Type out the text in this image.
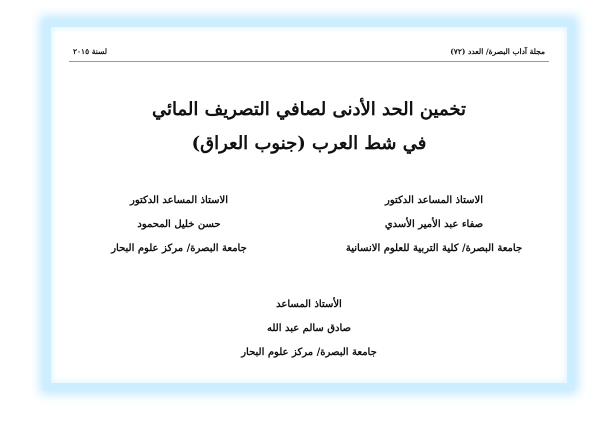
مجلة آداب البصرة/ العدد (٧٢)
لسنة ٢٠١٥
تخمين الحد الأدنى لصافي التصريف المائي
في شط العرب (جنوب العراق)
الاستاذ المساعد الدكتور
صفاء عبد الأمير الأسدي
جامعة البصرة/ كلية التربية للعلوم الانسانية
الاستاذ المساعد الدكتور
حسن خليل المحمود
جامعة البصرة/ مركز علوم البحار
الأستاذ المساعد
صادق سالم عبد الله
جامعة البصرة/ مركز علوم البحار
